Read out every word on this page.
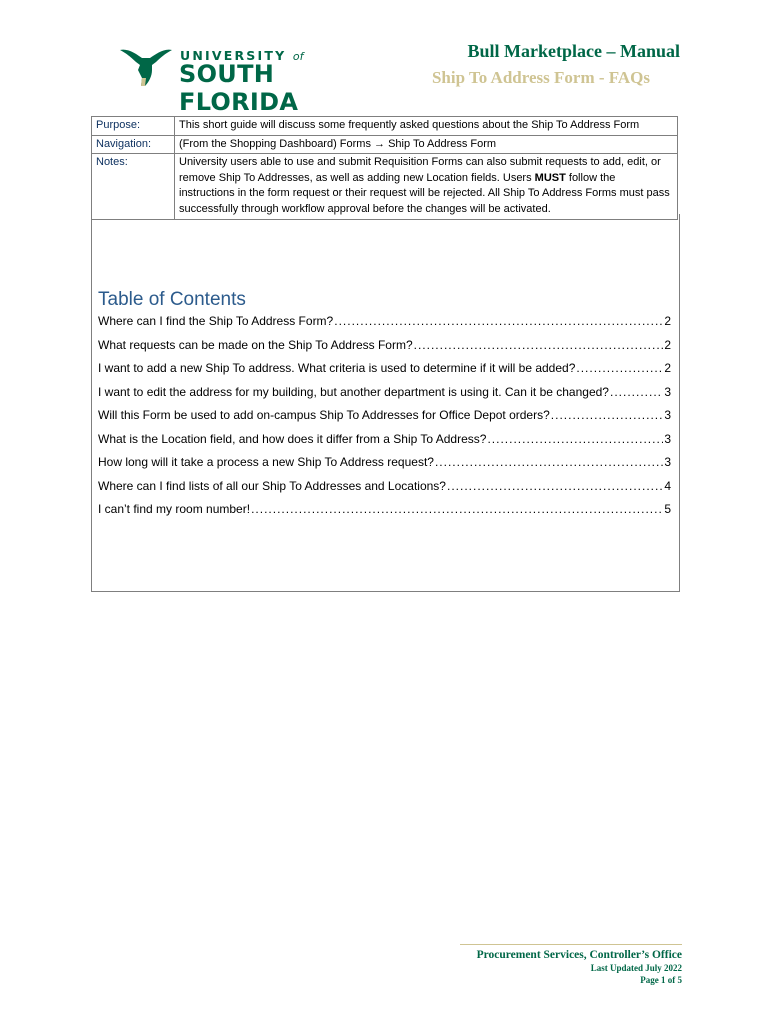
UNIVERSITY of
SOUTH FLORIDA
Bull Marketplace – Manual
Ship To Address Form - FAQs
Purpose:	This short guide will discuss some frequently asked questions about the Ship To Address Form
Navigation:	(From the Shopping Dashboard) Forms → Ship To Address Form
Notes:	University users able to use and submit Requisition Forms can also submit requests to add, edit, or remove Ship To Addresses, as well as adding new Location fields. Users MUST follow the instructions in the form request or their request will be rejected. All Ship To Address Forms must pass successfully through workflow approval before the changes will be activated.
Table of Contents
Where can I find the Ship To Address Form? .....	2
What requests can be made on the Ship To Address Form? .....	2
I want to add a new Ship To address. What criteria is used to determine if it will be added? .....	2
I want to edit the address for my building, but another department is using it. Can it be changed? .....	3
Will this Form be used to add on-campus Ship To Addresses for Office Depot orders? .....	3
What is the Location field, and how does it differ from a Ship To Address? .....	3
How long will it take a process a new Ship To Address request? .....	3
Where can I find lists of all our Ship To Addresses and Locations? .....	4
I can’t find my room number! .....	5
Procurement Services, Controller’s Office
Last Updated July 2022
Page 1 of 5
